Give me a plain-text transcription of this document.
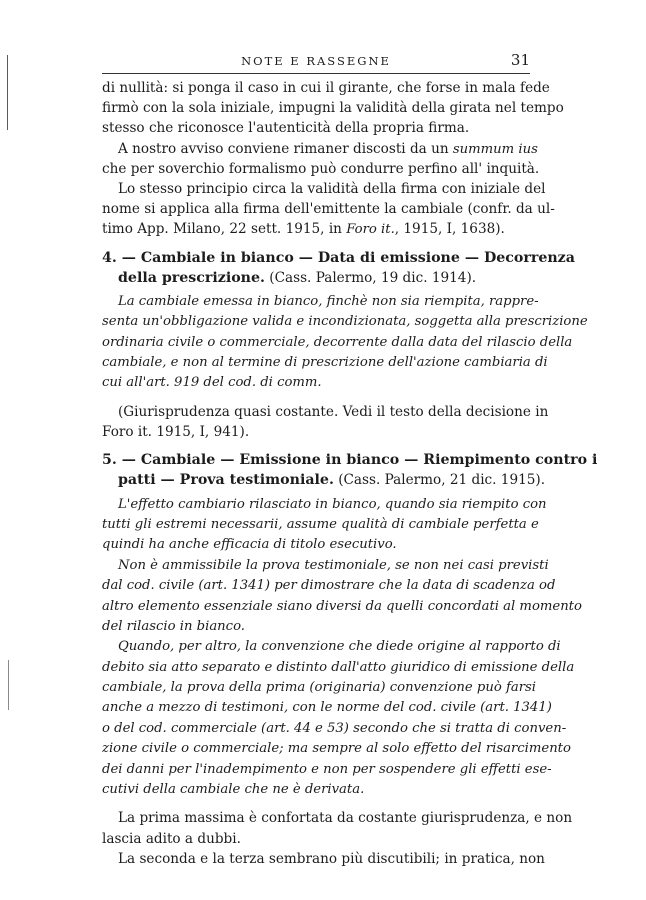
NOTE E RASSEGNE	31
di nullità: si ponga il caso in cui il girante, che forse in mala fede
firmò con la sola iniziale, impugni la validità della girata nel tempo
stesso che riconosce l'autenticità della propria firma.
A nostro avviso conviene rimaner discosti da un summum ius
che per soverchio formalismo può condurre perfino all' inquità.
Lo stesso principio circa la validità della firma con iniziale del
nome si applica alla firma dell'emittente la cambiale (confr. da ul-
timo App. Milano, 22 sett. 1915, in Foro it., 1915, I, 1638).
4. — Cambiale in bianco — Data di emissione — Decorrenza
della prescrizione. (Cass. Palermo, 19 dic. 1914).
La cambiale emessa in bianco, finchè non sia riempita, rappre-
senta un'obbligazione valida e incondizionata, soggetta alla prescrizione
ordinaria civile o commerciale, decorrente dalla data del rilascio della
cambiale, e non al termine di prescrizione dell'azione cambiaria di
cui all'art. 919 del cod. di comm.
(Giurisprudenza quasi costante. Vedi il testo della decisione in
Foro it. 1915, I, 941).
5. — Cambiale — Emissione in bianco — Riempimento contro i
patti — Prova testimoniale. (Cass. Palermo, 21 dic. 1915).
L'effetto cambiario rilasciato in bianco, quando sia riempito con
tutti gli estremi necessarii, assume qualità di cambiale perfetta e
quindi ha anche efficacia di titolo esecutivo.
Non è ammissibile la prova testimoniale, se non nei casi previsti
dal cod. civile (art. 1341) per dimostrare che la data di scadenza od
altro elemento essenziale siano diversi da quelli concordati al momento
del rilascio in bianco.
Quando, per altro, la convenzione che diede origine al rapporto di
debito sia atto separato e distinto dall'atto giuridico di emissione della
cambiale, la prova della prima (originaria) convenzione può farsi
anche a mezzo di testimoni, con le norme del cod. civile (art. 1341)
o del cod. commerciale (art. 44 e 53) secondo che si tratta di conven-
zione civile o commerciale; ma sempre al solo effetto del risarcimento
dei danni per l'inadempimento e non per sospendere gli effetti ese-
cutivi della cambiale che ne è derivata.
La prima massima è confortata da costante giurisprudenza, e non
lascia adito a dubbi.
La seconda e la terza sembrano più discutibili; in pratica, non
